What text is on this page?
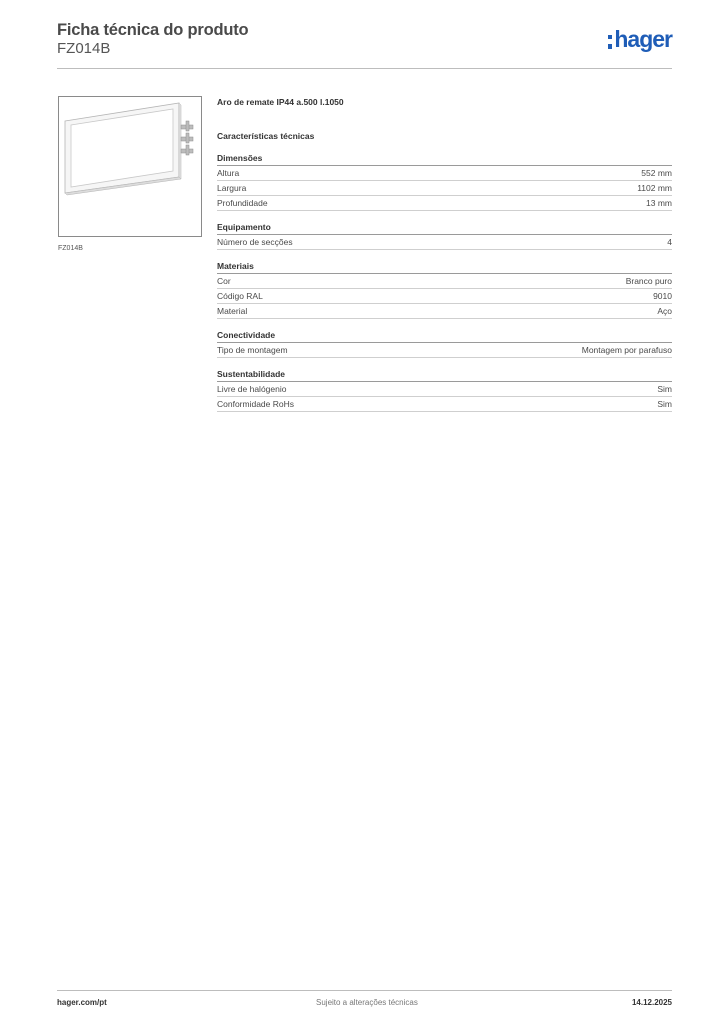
Ficha técnica do produto
FZ014B	hager
FZ014B
Aro de remate IP44 a.500 l.1050
Características técnicas
Dimensões
Altura	552 mm
Largura	1102 mm
Profundidade	13 mm
Equipamento
Número de secções	4
Materiais
Cor	Branco puro
Código RAL	9010
Material	Aço
Conectividade
Tipo de montagem	Montagem por parafuso
Sustentabilidade
Livre de halógenio	Sim
Conformidade RoHs	Sim
hager.com/pt	Sujeito a alterações técnicas	14.12.2025
